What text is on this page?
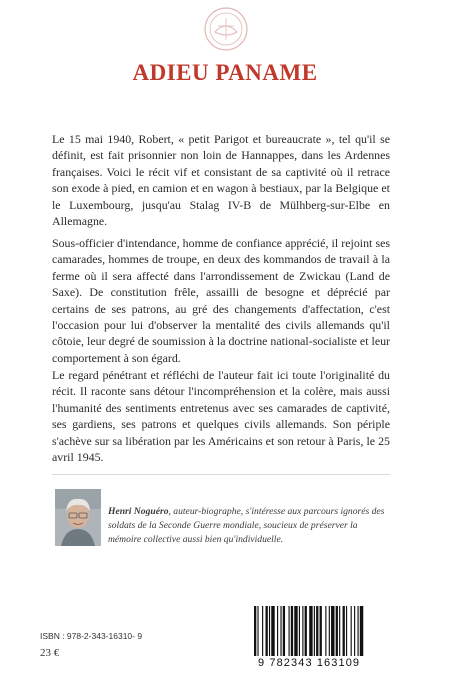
ADIEU PANAME

Le 15 mai 1940, Robert, « petit Parigot et bureaucrate », tel qu'il se définit, est fait prisonnier non loin de Hannappes, dans les Ardennes françaises. Voici le récit vif et consistant de sa captivité où il retrace son exode à pied, en camion et en wagon à bestiaux, par la Belgique et le Luxembourg, jusqu'au Stalag IV-B de Mülhberg-sur-Elbe en Allemagne.

Sous-officier d'intendance, homme de confiance apprécié, il rejoint ses camarades, hommes de troupe, en deux des kommandos de travail à la ferme où il sera affecté dans l'arrondissement de Zwickau (Land de Saxe). De constitution frêle, assailli de besogne et déprécié par certains de ses patrons, au gré des changements d'affectation, c'est l'occasion pour lui d'observer la mentalité des civils allemands qu'il côtoie, leur degré de soumission à la doctrine national-socialiste et leur comportement à son égard.

Le regard pénétrant et réfléchi de l'auteur fait ici toute l'originalité du récit. Il raconte sans détour l'incompréhension et la colère, mais aussi l'humanité des sentiments entretenus avec ses camarades de captivité, ses gardiens, ses patrons et quelques civils allemands. Son périple s'achève sur sa libération par les Américains et son retour à Paris, le 25 avril 1945.

Henri Noguéro, auteur-biographe, s'intéresse aux parcours ignorés des soldats de la Seconde Guerre mondiale, soucieux de préserver la mémoire collective aussi bien qu'individuelle.
ISBN : 978-2-343-16310- 9
23 €
9 782343 163109
